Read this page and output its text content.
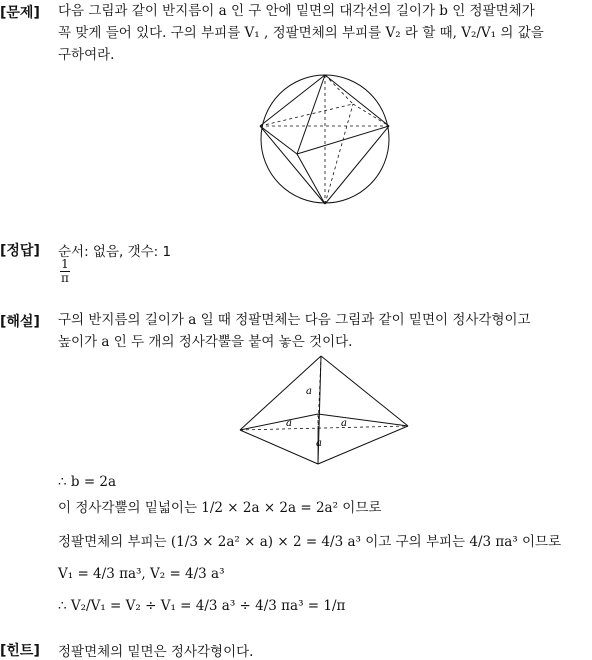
[문제] 다음 그림과 같이 반지름이 a 인 구 안에 밑면의 대각선의 길이가 b 인 정팔면체가
꼭 맞게 들어 있다. 구의 부피를 V₁ , 정팔면체의 부피를 V₂ 라 할 때, V₂/V₁ 의 값을
구하여라.
[정답] 순서: 없음, 갯수: 1
$\frac{1}{\pi}$
[해설] 구의 반지름의 길이가 a 일 때 정팔면체는 다음 그림과 같이 밑면이 정사각형이고
높이가 a 인 두 개의 정사각뿔을 붙여 놓은 것이다.
a
a	a
a
∴ b = 2a
이 정사각뿔의 밑넓이는 1/2 × 2a × 2a = 2a² 이므로
정팔면체의 부피는 (1/3 × 2a² × a) × 2 = 4/3 a³ 이고 구의 부피는 4/3 πa³ 이므로
V₁ = 4/3 πa³, V₂ = 4/3 a³
∴ V₂/V₁ = V₂ ÷ V₁ = 4/3 a³ ÷ 4/3 πa³ = 1/π
[힌트] 정팔면체의 밑면은 정사각형이다.
